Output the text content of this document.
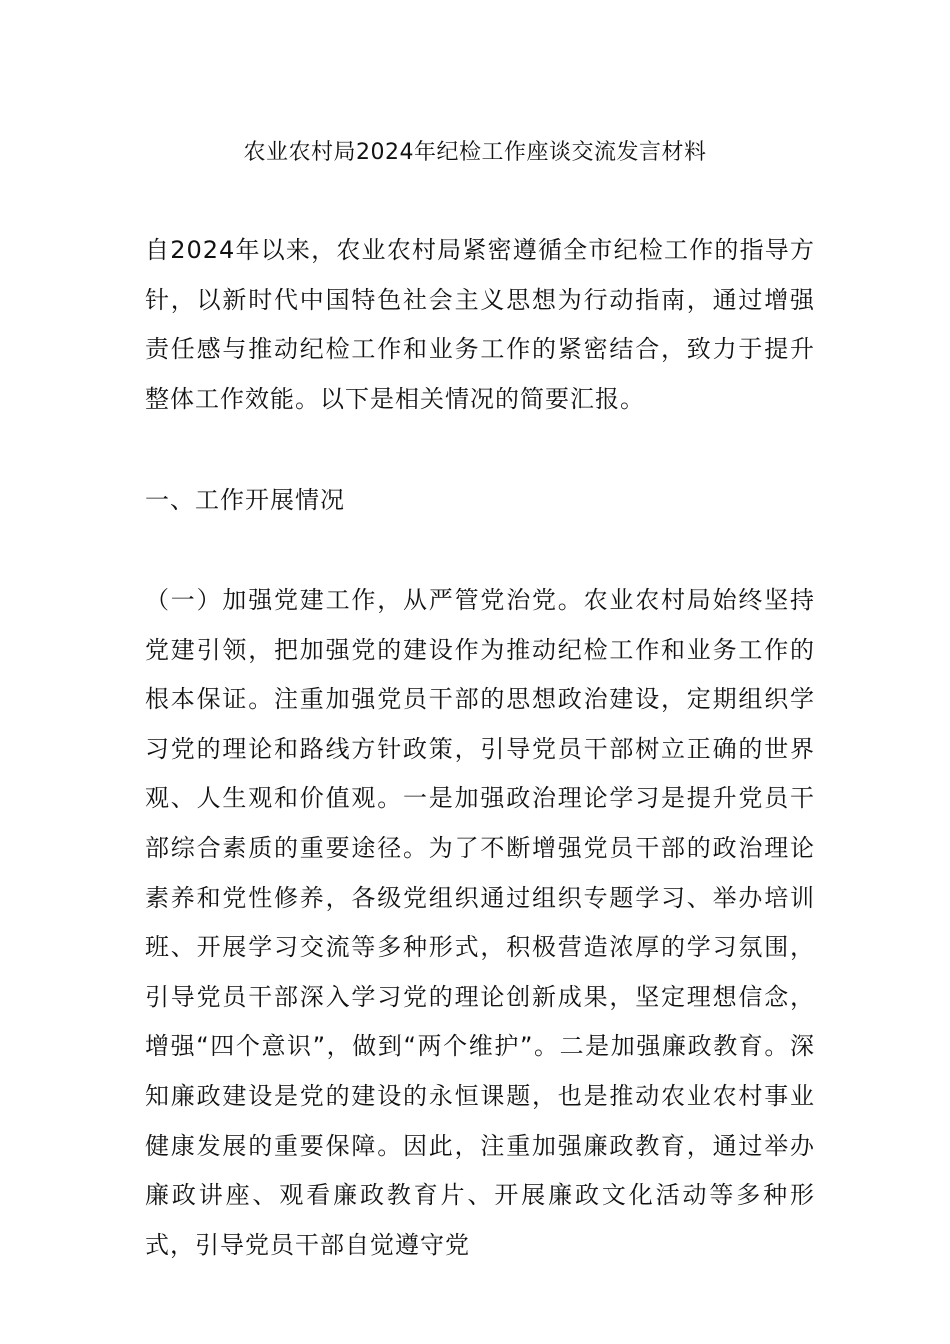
农业农村局2024年纪检工作座谈交流发言材料
自2024年以来，农业农村局紧密遵循全市纪检工作的指导方针，以新时代中国特色社会主义思想为行动指南，通过增强责任感与推动纪检工作和业务工作的紧密结合，致力于提升整体工作效能。以下是相关情况的简要汇报。
一、工作开展情况
（一）加强党建工作，从严管党治党。农业农村局始终坚持党建引领，把加强党的建设作为推动纪检工作和业务工作的根本保证。注重加强党员干部的思想政治建设，定期组织学习党的理论和路线方针政策，引导党员干部树立正确的世界观、人生观和价值观。一是加强政治理论学习是提升党员干部综合素质的重要途径。为了不断增强党员干部的政治理论素养和党性修养，各级党组织通过组织专题学习、举办培训班、开展学习交流等多种形式，积极营造浓厚的学习氛围，引导党员干部深入学习党的理论创新成果，坚定理想信念，增强“四个意识”，做到“两个维护”。二是加强廉政教育。深知廉政建设是党的建设的永恒课题，也是推动农业农村事业健康发展的重要保障。因此，注重加强廉政教育，通过举办廉政讲座、观看廉政教育片、开展廉政文化活动等多种形式，引导党员干部自觉遵守党
